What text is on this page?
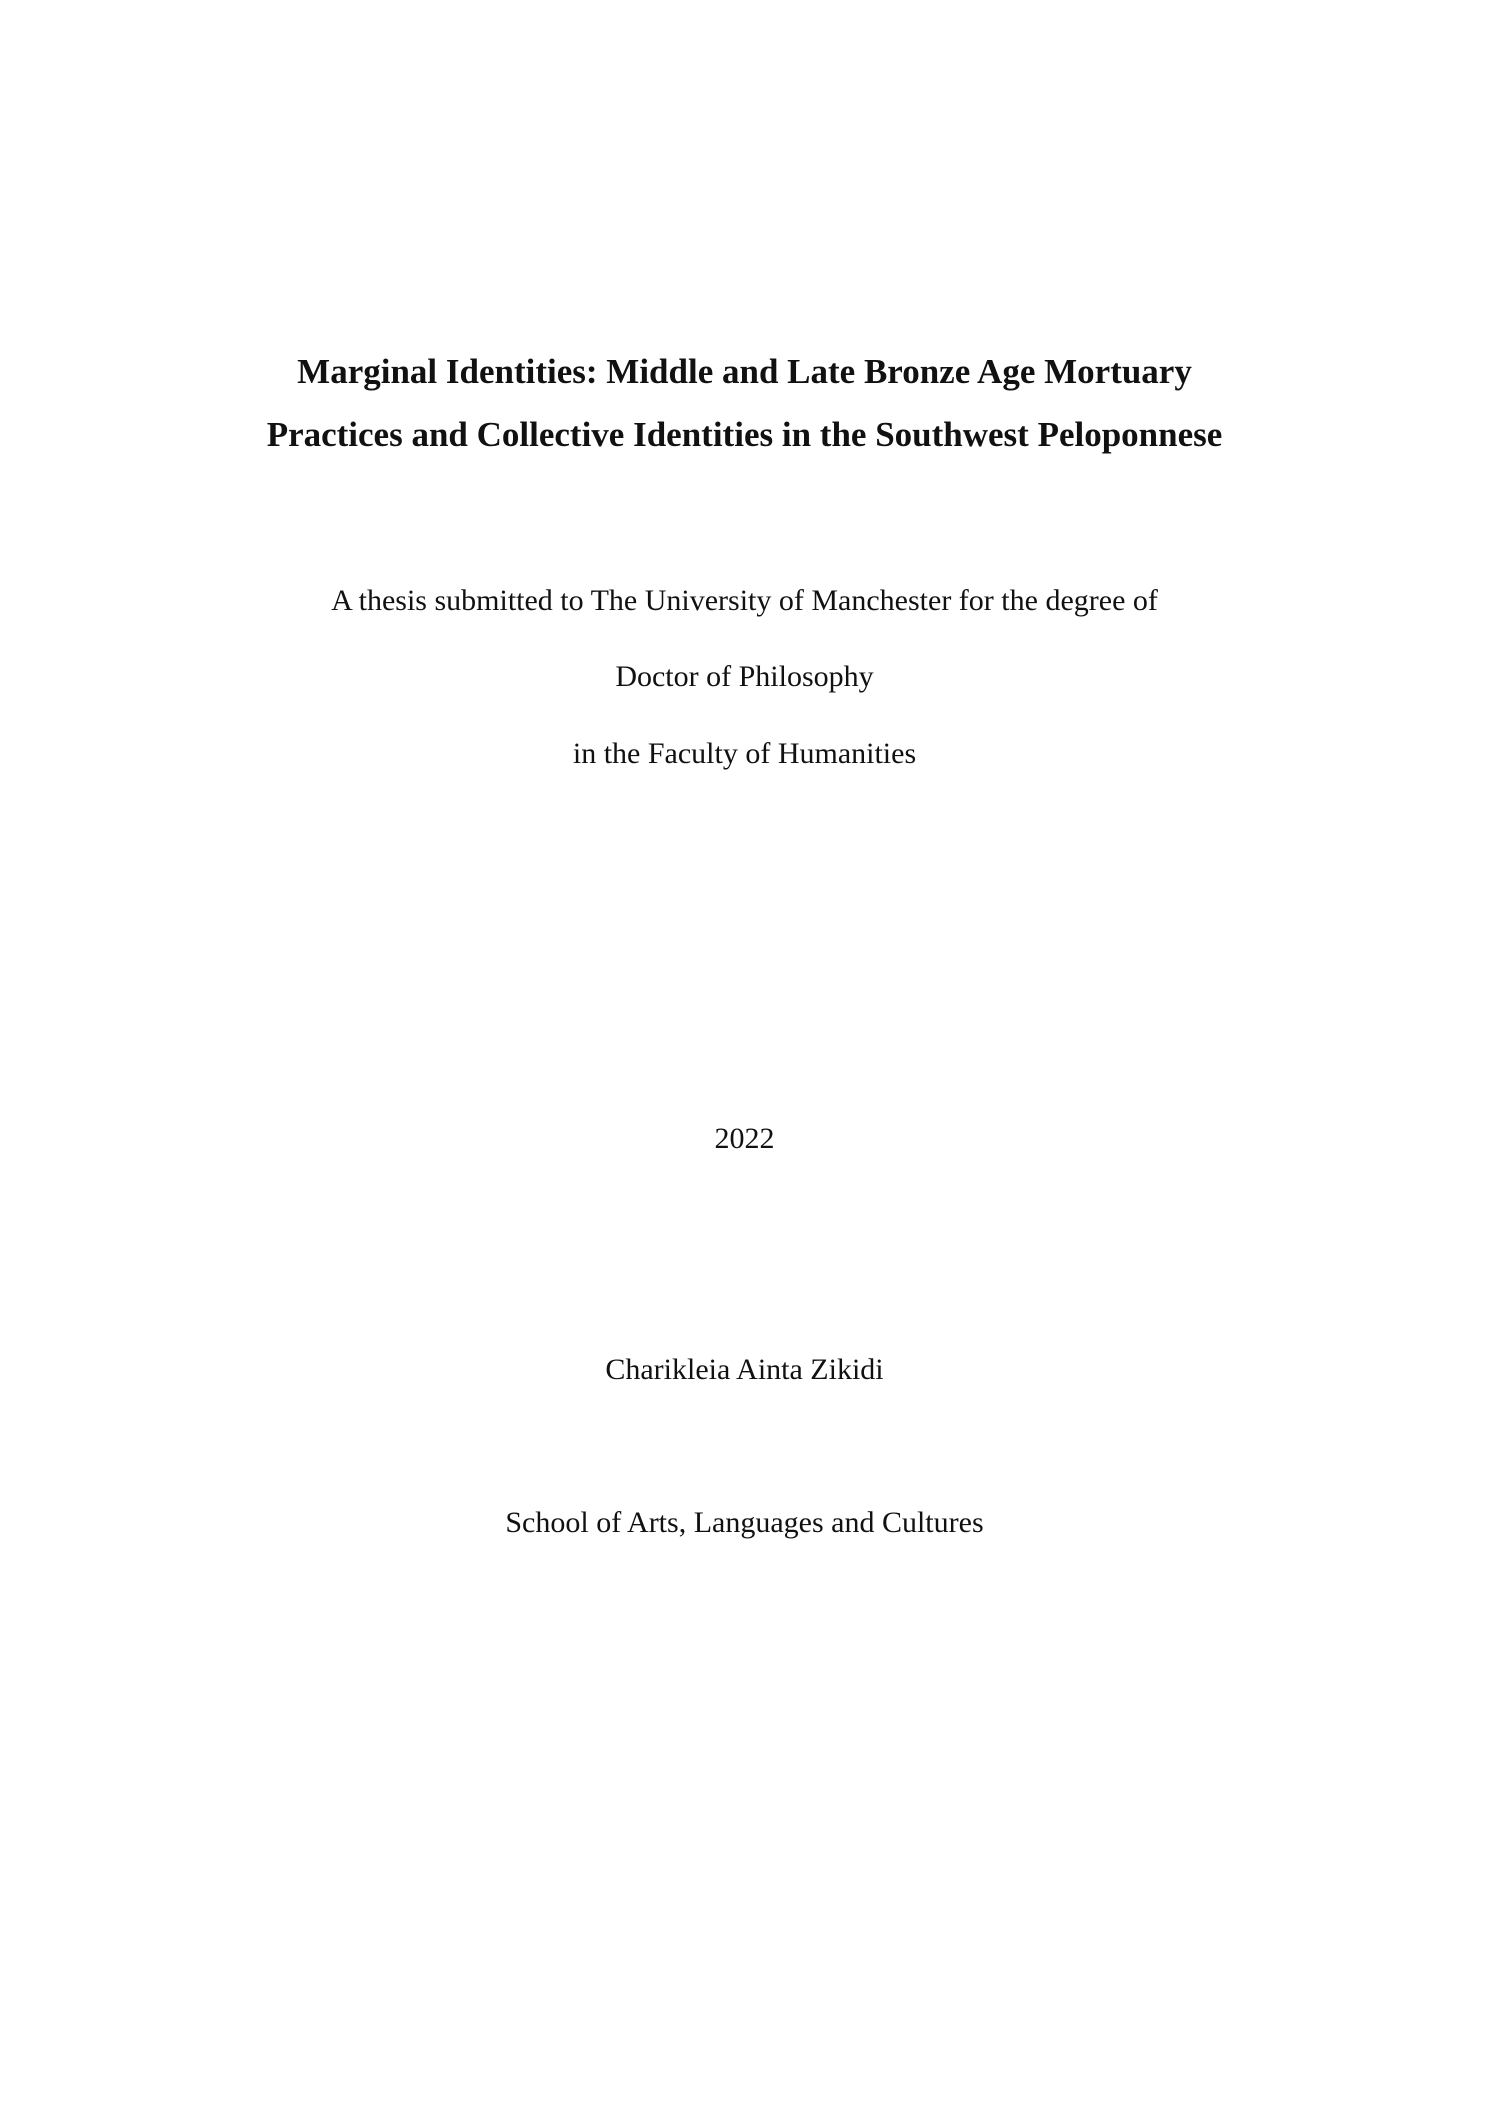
Marginal Identities: Middle and Late Bronze Age Mortuary
Practices and Collective Identities in the Southwest Peloponnese
A thesis submitted to The University of Manchester for the degree of
Doctor of Philosophy
in the Faculty of Humanities
2022
Charikleia Ainta Zikidi
School of Arts, Languages and Cultures
